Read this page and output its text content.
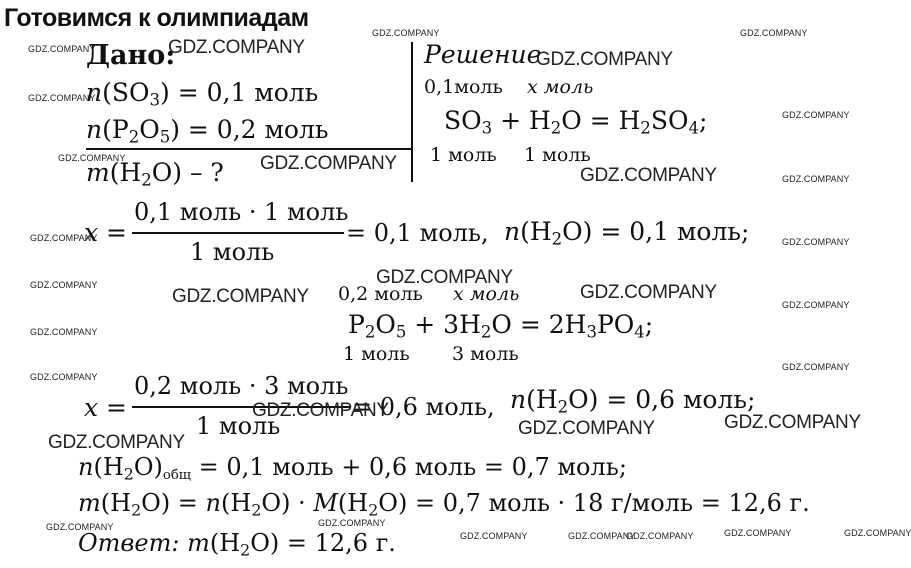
Готовимся к олимпиадам
Дано:
$n(SO_3) = 0,1$ моль
$n(P_2O_5) = 0,2$ моль
$m(H_2O)$ – ?
Решение
0,1моль x моль
$SO_3 + H_2O = H_2SO_4$;
1 моль 1 моль
x =
0,1 моль · 1 моль
1 моль
= 0,1 моль, $n(H_2O) = 0,1$ моль;
0,2 моль x моль
$P_2O_5 + 3H_2O = 2H_3PO_4$;
1 моль 3 моль
x =
0,2 моль · 3 моль
1 моль
= 0,6 моль, $n(H_2O) = 0,6$ моль;
$n(H_2O)общ = 0,1$ моль + 0,6 моль = 0,7 моль;
$m(H_2O) = n(H_2O) \cdot M(H_2O) = 0,7$ моль · 18 г/моль = 12,6 г.
Ответ: $m(H_2O) = 12,6$ г.
GDZ.COMPANY
GDZ.COMPANY
GDZ.COMPANY
GDZ.COMPANY
GDZ.COMPANY
GDZ.COMPANY	GDZ.COMPANY
GDZ.COMPANY
GDZ.COMPANY
GDZ.COMPANY
GDZ.COMPANY
GDZ.COMPANY	GDZ.COMPANY
GDZ.COMPANY
GDZ.COMPANY
GDZ.COMPANY
GDZ.COMPANY
GDZ.COMPANY
GDZ.COMPANY	GDZ.COMPANY
GDZ.COMPANY
GDZ.COMPANY
GDZ.COMPANY
GDZ.COMPANY
GDZ.COMPANY
GDZ.COMPANY
GDZ.COMPANY
GDZ.COMPANY	GDZ.COMPANY
GDZ.COMPANY	GDZ.COMPANY	GDZ.COMPANY
